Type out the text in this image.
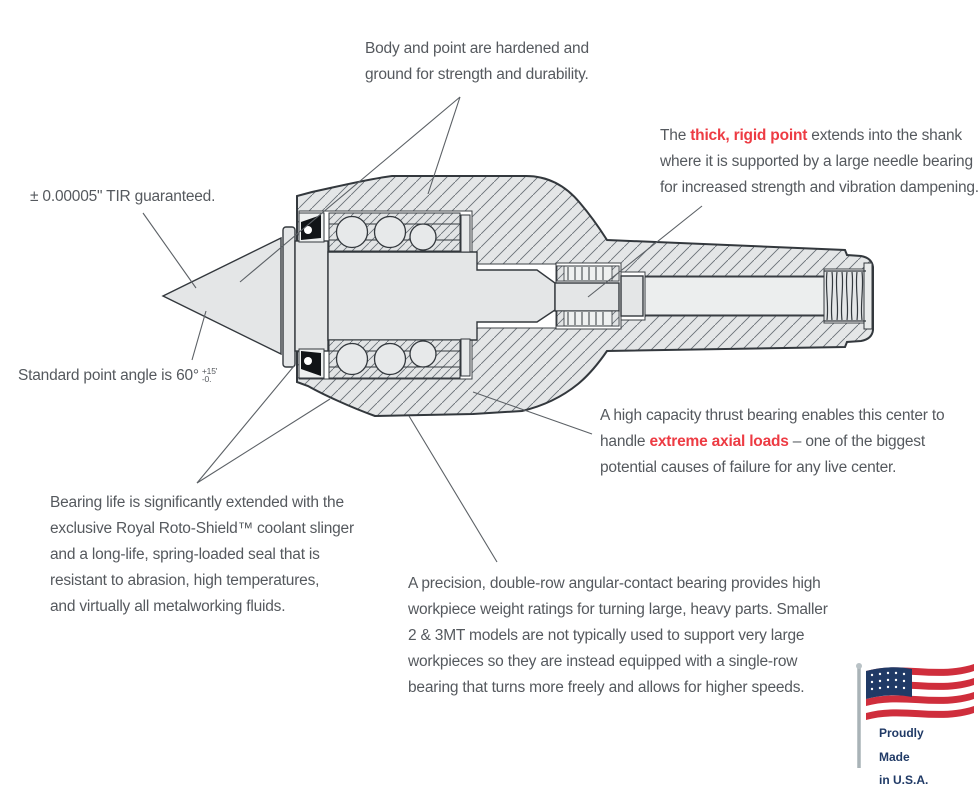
Body and point are hardened and
ground for strength and durability.
The thick, rigid point extends into the shank
where it is supported by a large needle bearing
for increased strength and vibration dampening.
± 0.00005" TIR guaranteed.
Standard point angle is 60° +15'
-0.
A high capacity thrust bearing enables this center to
handle extreme axial loads – one of the biggest
potential causes of failure for any live center.
Bearing life is significantly extended with the
exclusive Royal Roto-Shield™ coolant slinger
and a long-life, spring-loaded seal that is
resistant to abrasion, high temperatures,
and virtually all metalworking fluids.
A precision, double-row angular-contact bearing provides high
workpiece weight ratings for turning large, heavy parts. Smaller
2 & 3MT models are not typically used to support very large
workpieces so they are instead equipped with a single-row
bearing that turns more freely and allows for higher speeds.
Proudly
Made
in U.S.A.
